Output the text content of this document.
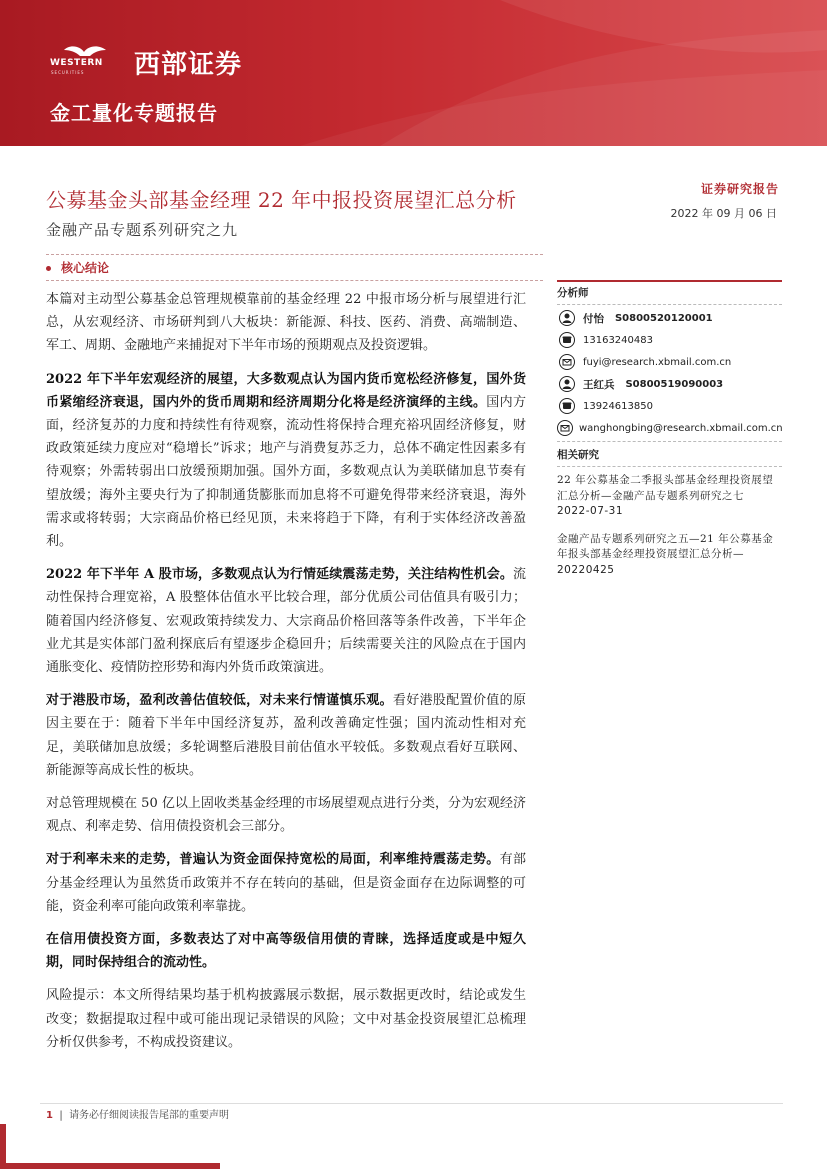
WESTERN
SECURITIES 西部证券
金工量化专题报告
公募基金头部基金经理 22 年中报投资展望汇总分析
金融产品专题系列研究之九
证券研究报告
2022 年 09 月 06 日
核心结论

本篇对主动型公募基金总管理规模靠前的基金经理 22 中报市场分析与展望进行汇总，从宏观经济、市场研判到八大板块：新能源、科技、医药、消费、高端制造、军工、周期、金融地产来捕捉对下半年市场的预期观点及投资逻辑。

2022 年下半年宏观经济的展望，大多数观点认为国内货币宽松经济修复，国外货币紧缩经济衰退，国内外的货币周期和经济周期分化将是经济演绎的主线。国内方面，经济复苏的力度和持续性有待观察，流动性将保持合理充裕巩固经济修复，财政政策延续力度应对“稳增长”诉求；地产与消费复苏乏力，总体不确定性因素多有待观察；外需转弱出口放缓预期加强。国外方面，多数观点认为美联储加息节奏有望放缓；海外主要央行为了抑制通货膨胀而加息将不可避免得带来经济衰退，海外需求或将转弱；大宗商品价格已经见顶，未来将趋于下降，有利于实体经济改善盈利。

2022 年下半年 A 股市场，多数观点认为行情延续震荡走势，关注结构性机会。流动性保持合理宽裕，A 股整体估值水平比较合理，部分优质公司估值具有吸引力；随着国内经济修复、宏观政策持续发力、大宗商品价格回落等条件改善，下半年企业尤其是实体部门盈利探底后有望逐步企稳回升；后续需要关注的风险点在于国内通胀变化、疫情防控形势和海内外货币政策演进。

对于港股市场，盈利改善估值较低，对未来行情谨慎乐观。看好港股配置价值的原因主要在于：随着下半年中国经济复苏，盈利改善确定性强；国内流动性相对充足，美联储加息放缓；多轮调整后港股目前估值水平较低。多数观点看好互联网、新能源等高成长性的板块。

对总管理规模在 50 亿以上固收类基金经理的市场展望观点进行分类，分为宏观经济观点、利率走势、信用债投资机会三部分。

对于利率未来的走势，普遍认为资金面保持宽松的局面，利率维持震荡走势。有部分基金经理认为虽然货币政策并不存在转向的基础，但是资金面存在边际调整的可能，资金利率可能向政策利率靠拢。

在信用债投资方面，多数表达了对中高等级信用债的青睐，选择适度或是中短久期，同时保持组合的流动性。

风险提示：本文所得结果均基于机构披露展示数据，展示数据更改时，结论或发生改变；数据提取过程中或可能出现记录错误的风险；文中对基金投资展望汇总梳理分析仅供参考，不构成投资建议。

分析师
付怡
S0800520120001
13163240483
fuyi@research.xbmail.com.cn
王红兵
S0800519090003
13924613850
wanghongbing@research.xbmail.com.cn
相关研究
22 年公募基金二季报头部基金经理投资展望汇总分析—金融产品专题系列研究之七
2022-07-31
金融产品专题系列研究之五—21 年公募基金年报头部基金经理投资展望汇总分析—
20220425
1 | 请务必仔细阅读报告尾部的重要声明
